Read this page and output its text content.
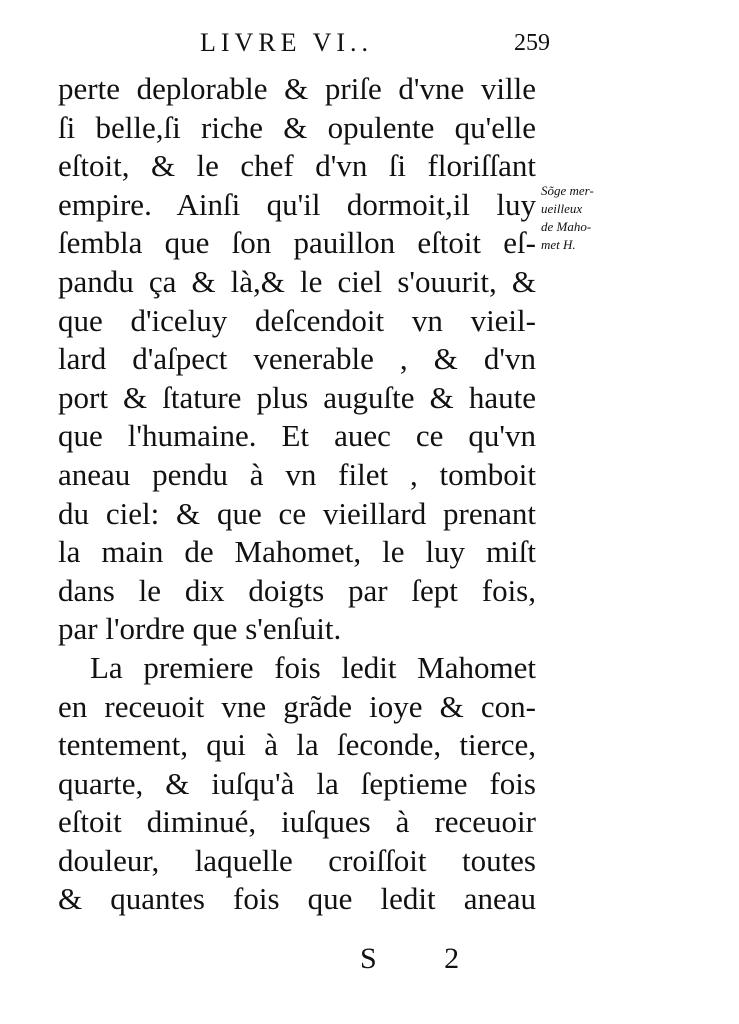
LIVRE VI..	259
perte deplorable & priſe d'vne ville
ſi belle,ſi riche & opulente qu'elle
eſtoit, & le chef d'vn ſi floriſſant
empire. Ainſi qu'il dormoit,il luy
ſembla que ſon pauillon eſtoit eſ-
pandu ça & là,& le ciel s'ouurit, &
que d'iceluy deſcendoit vn vieil-
lard d'aſpect venerable , & d'vn
port & ſtature plus auguſte & haute
que l'humaine. Et auec ce qu'vn
aneau pendu à vn filet , tomboit
du ciel: & que ce vieillard prenant
la main de Mahomet, le luy miſt
dans le dix doigts par ſept fois,
par l'ordre que s'enſuit.
La premiere fois ledit Mahomet
en receuoit vne grãde ioye & con-
tentement, qui à la ſeconde, tierce,
quarte, & iuſqu'à la ſeptieme fois
eſtoit diminué, iuſques à receuoir
douleur, laquelle croiſſoit toutes
& quantes fois que ledit aneau
Sõge mer-
ueilleux
de Maho-
met H.
S 2
